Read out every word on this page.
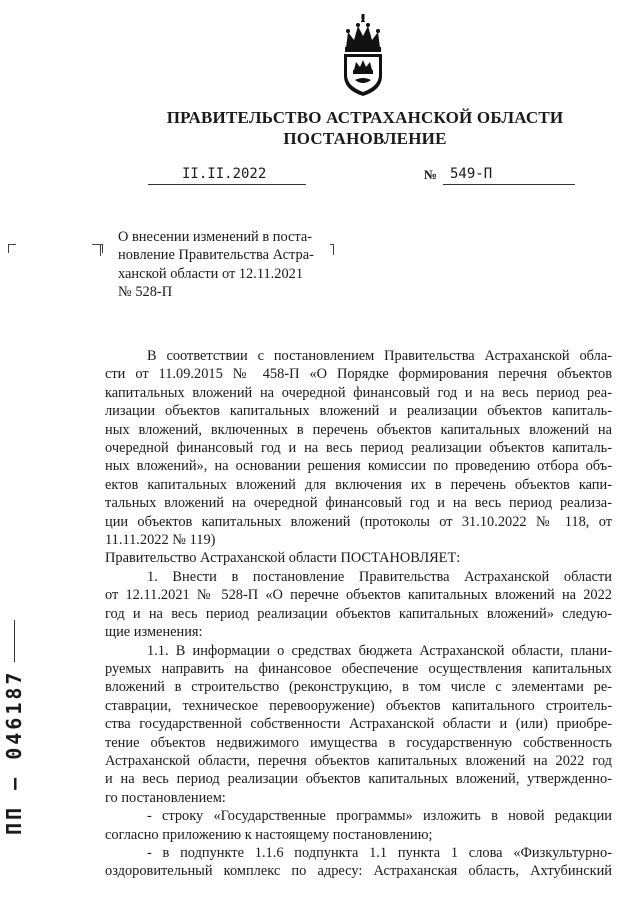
ПРАВИТЕЛЬСТВО АСТРАХАНСКОЙ ОБЛАСТИ
ПОСТАНОВЛЕНИЕ
II.II.2022	№ 549-П
О внесении изменений в поста-
новление Правительства Астра-
ханской области от 12.11.2021
№ 528-П
В соответствии с постановлением Правительства Астраханской обла-
сти от 11.09.2015 № 458-П «О Порядке формирования перечня объектов
капитальных вложений на очередной финансовый год и на весь период реа-
лизации объектов капитальных вложений и реализации объектов капиталь-
ных вложений, включенных в перечень объектов капитальных вложений на
очередной финансовый год и на весь период реализации объектов капиталь-
ных вложений», на основании решения комиссии по проведению отбора объ-
ектов капитальных вложений для включения их в перечень объектов капи-
тальных вложений на очередной финансовый год и на весь период реализа-
ции объектов капитальных вложений (протоколы от 31.10.2022 № 118, от
11.11.2022 № 119)
Правительство Астраханской области ПОСТАНОВЛЯЕТ:
1. Внести в постановление Правительства Астраханской области
от 12.11.2021 № 528-П «О перечне объектов капитальных вложений на 2022
год и на весь период реализации объектов капитальных вложений» следую-
щие изменения:
1.1. В информации о средствах бюджета Астраханской области, плани-
руемых направить на финансовое обеспечение осуществления капитальных
вложений в строительство (реконструкцию, в том числе с элементами ре-
ставрации, техническое перевооружение) объектов капитального строитель-
ства государственной собственности Астраханской области и (или) приобре-
тение объектов недвижимого имущества в государственную собственность
Астраханской области, перечня объектов капитальных вложений на 2022 год
и на весь период реализации объектов капитальных вложений, утвержденно-
го постановлением:
- строку «Государственные программы» изложить в новой редакции
согласно приложению к настоящему постановлению;
- в подпункте 1.1.6 подпункта 1.1 пункта 1 слова «Физкультурно-
оздоровительный комплекс по адресу: Астраханская область, Ахтубинский
ПП – 046187
